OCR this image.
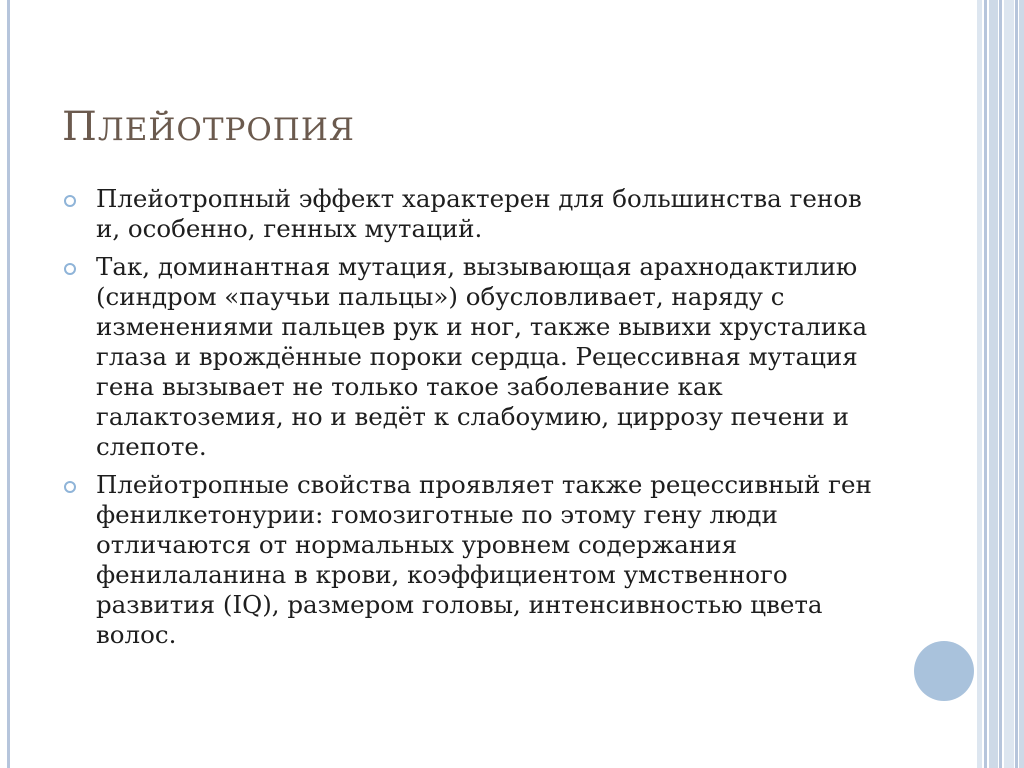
ПЛЕЙОТРОПИЯ
Плейотропный эффект характерен для большинства генов и, особенно, генных мутаций.
Так, доминантная мутация, вызывающая арахнодактилию (синдром «паучьи пальцы») обусловливает, наряду с изменениями пальцев рук и ног, также вывихи хрусталика глаза и врождённые пороки сердца. Рецессивная мутация гена вызывает не только такое заболевание как галактоземия, но и ведёт к слабоумию, циррозу печени и слепоте.
Плейотропные свойства проявляет также рецессивный ген фенилкетонурии: гомозиготные по этому гену люди отличаются от нормальных уровнем содержания фенилаланина в крови, коэффициентом умственного развития (IQ), размером головы, интенсивностью цвета волос.
